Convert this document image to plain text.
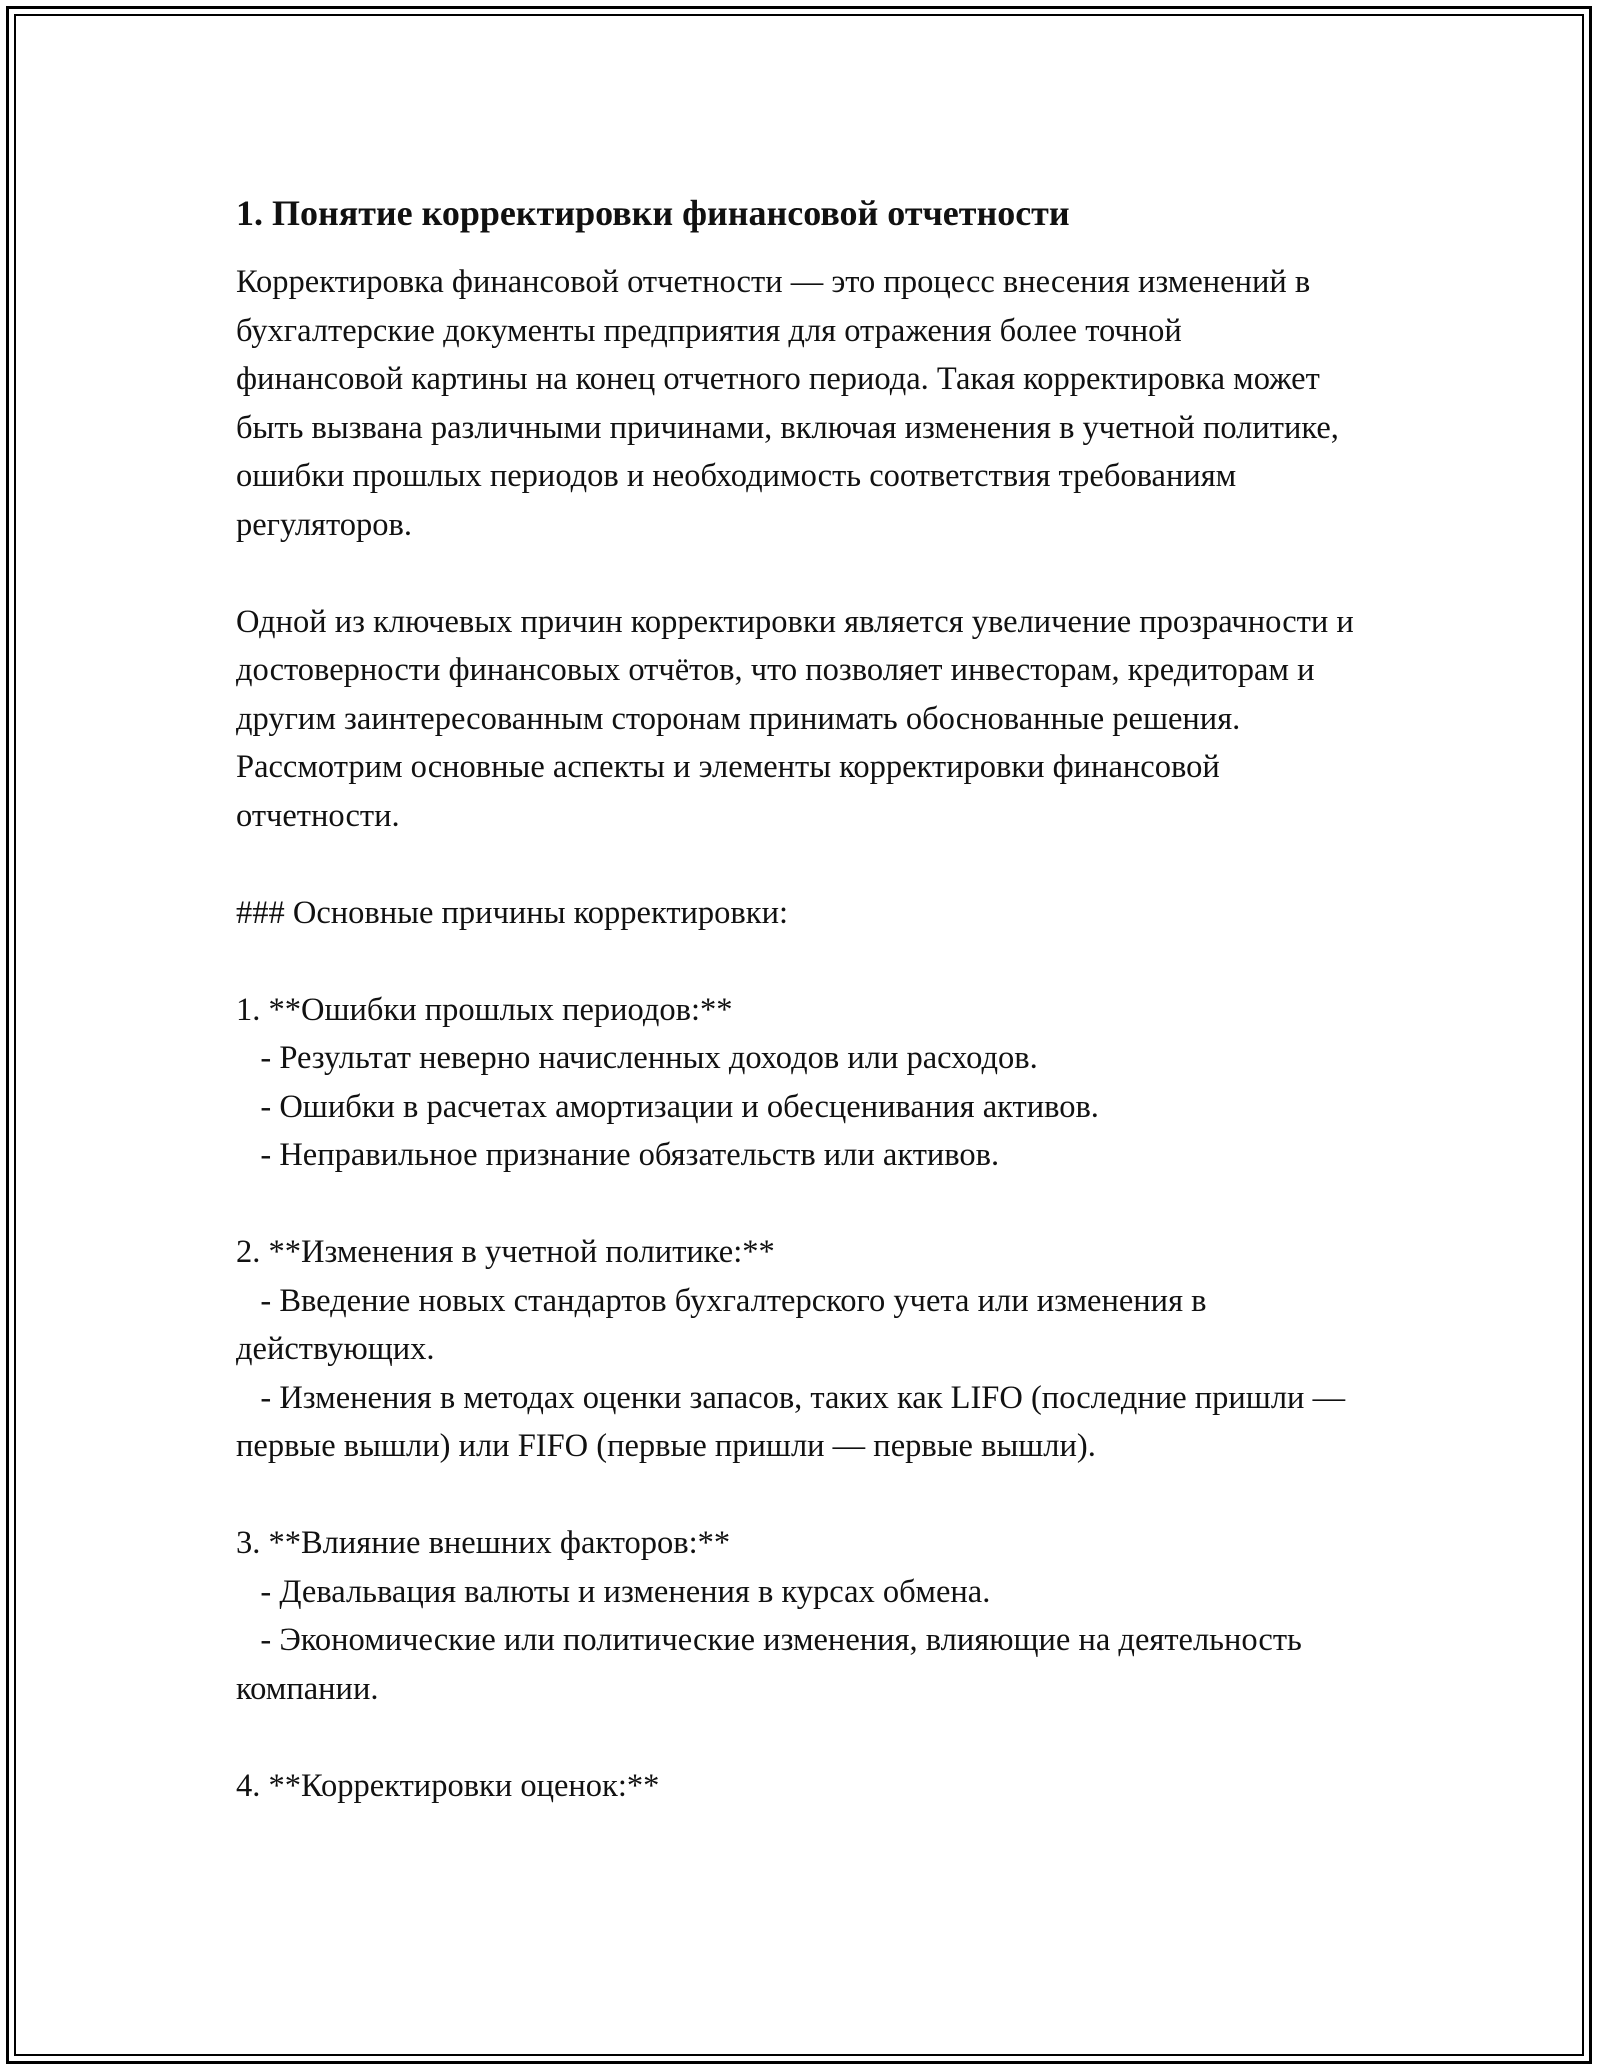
1. Понятие корректировки финансовой отчетности

Корректировка финансовой отчетности — это процесс внесения изменений в бухгалтерские документы предприятия для отражения более точной финансовой картины на конец отчетного периода. Такая корректировка может быть вызвана различными причинами, включая изменения в учетной политике, ошибки прошлых периодов и необходимость соответствия требованиям регуляторов.

Одной из ключевых причин корректировки является увеличение прозрачности и достоверности финансовых отчётов, что позволяет инвесторам, кредиторам и другим заинтересованным сторонам принимать обоснованные решения. Рассмотрим основные аспекты и элементы корректировки финансовой отчетности.

### Основные причины корректировки:

1. **Ошибки прошлых периодов:**

- Результат неверно начисленных доходов или расходов.

- Ошибки в расчетах амортизации и обесценивания активов.

- Неправильное признание обязательств или активов.

2. **Изменения в учетной политике:**

- Введение новых стандартов бухгалтерского учета или изменения в действующих.

- Изменения в методах оценки запасов, таких как LIFO (последние пришли — первые вышли) или FIFO (первые пришли — первые вышли).

3. **Влияние внешних факторов:**

- Девальвация валюты и изменения в курсах обмена.

- Экономические или политические изменения, влияющие на деятельность компании.

4. **Корректировки оценок:**
